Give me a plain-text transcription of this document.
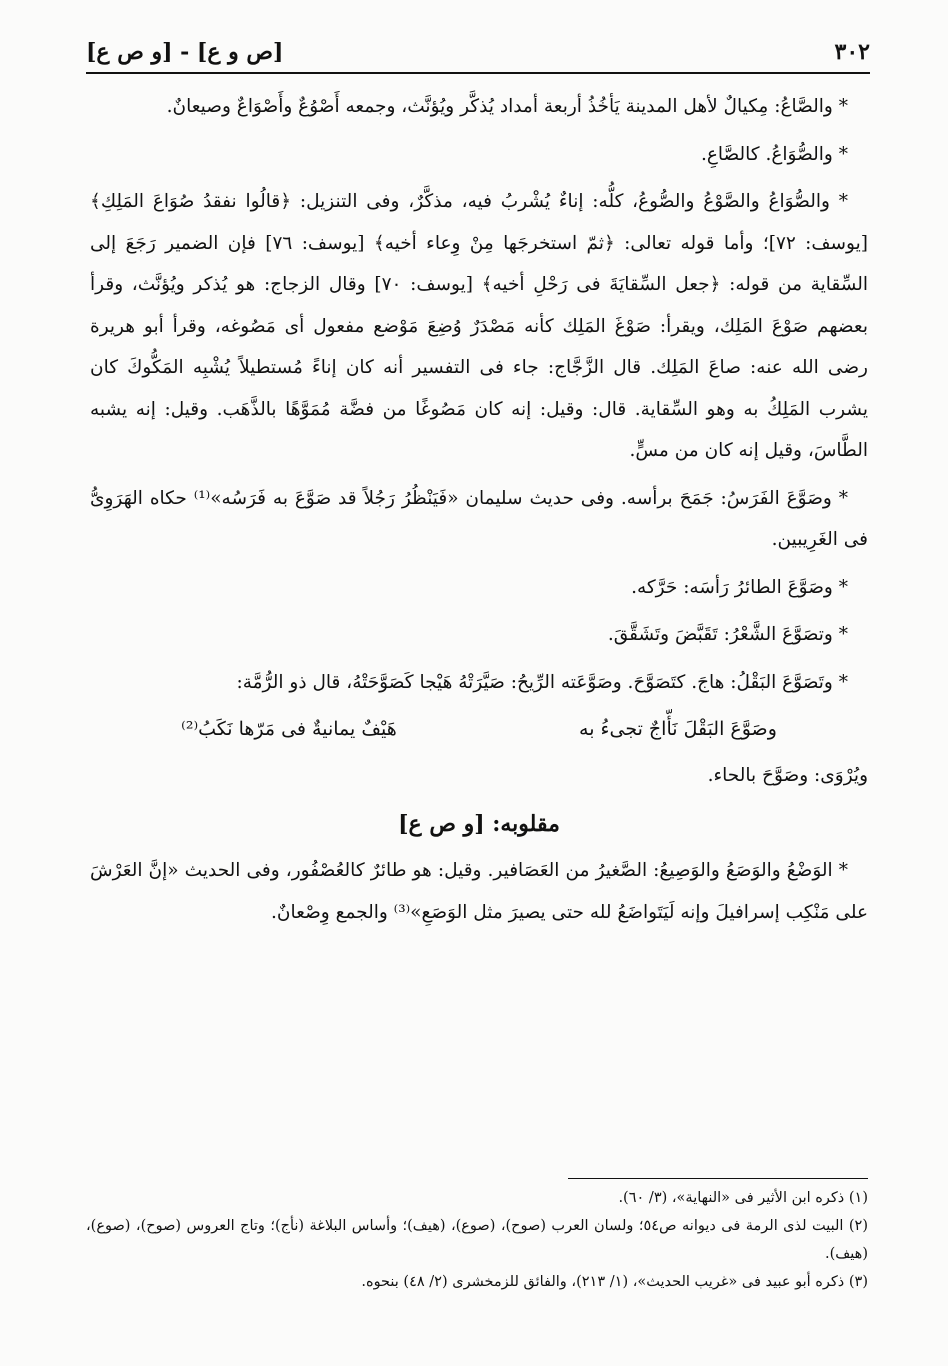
٣٠٢
[ص و ع] - [و ص ع]

* والصَّاعُ: مِكيالٌ لأهل المدينة يَأخُذُ أربعة أمداد يُذكَّر ويُؤنَّث، وجمعه أَصْوُعٌ وأَصْوَاعٌ وصيعانٌ.

* والصُّوَاعُ. كالصَّاعِ.

* والصُّوَاعُ والصَّوْعُ والصُّوعُ، كلُّه: إناءٌ يُشْربُ فيه، مذكَّرٌ، وفى التنزيل: ﴿قالُوا نفقدُ صُوَاعَ المَلِكِ﴾ [يوسف: ٧٢]؛ وأما قوله تعالى: ﴿ثمّ استخرجَها مِنْ وِعاء أخيه﴾ [يوسف: ٧٦] فإن الضمير رَجَعَ إلى السِّقاية من قوله: ﴿جعل السِّقايَةَ فى رَحْلِ أخيه﴾ [يوسف: ٧٠] وقال الزجاج: هو يُذكر ويُؤنَّث، وقرأ بعضهم صَوْعَ المَلِك، ويقرأ: صَوْغَ المَلِك كأنه مَصْدَرٌ وُضِعَ مَوْضع مفعول أى مَصُوغه، وقرأ أبو هريرة رضى الله عنه: صاعَ المَلِك. قال الزَّجَّاج: جاء فى التفسير أنه كان إناءً مُستطيلاً يُشْبِه المَكُّوكَ كان يشرب المَلِكُ به وهو السِّقاية. قال: وقيل: إنه كان مَصُوغًا من فضَّة مُمَوَّهًا بالذَّهَب. وقيل: إنه يشبه الطَّاسَ، وقيل إنه كان من مسٍّ.

* وصَوَّعَ الفَرَسُ: جَمَحَ برأسه. وفى حديث سليمان «فَيَنْظُرُ رَجُلاً قد صَوَّعَ به فَرَسُه»⁽¹⁾ حكاه الهَرَوِىُّ فى الغَرِيبين.

* وصَوَّعَ الطائرُ رَأسَه: حَرَّكه.

* وتصَوَّعَ الشَّعْرُ: تَقَبَّضَ وتَشَقَّقَ.

* وتَصَوَّعَ البَقْلُ: هاجَ. كتَصَوَّحَ. وصَوَّعَته الرِّيحُ: صَيَّرَتْهُ هَيْجا كَصَوَّحَتْهُ، قال ذو الرُّمَّة:

وصَوَّعَ البَقْلَ نَأّاجٌ تجىءُ به
هَيْفٌ يمانيةٌ فى مَرّها نَكَبُ⁽²⁾

ويُرْوَى: وصَوَّحَ بالحاء.

مقلوبه: [و ص ع]

* الوَضْعُ والوَصَعُ والوَصِيعُ: الصَّغيرُ من العَصَافير. وقيل: هو طائرٌ كالعُصْفُور، وفى الحديث «إنَّ العَرْشَ على مَنْكِب إسرافيلَ وإنه لَيَتَواضَعُ لله حتى يصيرَ مثل الوَصَعِ»⁽³⁾ والجمع وِصْعانٌ.

(١) ذكره ابن الأثير فى «النهاية»، (٣/ ٦٠).

(٢) البيت لذى الرمة فى ديوانه ص٥٤؛ ولسان العرب (صوح)، (صوع)، (هيف)؛ وأساس البلاغة (نأج)؛ وتاج العروس (صوح)، (صوع)، (هيف).

(٣) ذكره أبو عبيد فى «غريب الحديث»، (١/ ٢١٣)، والفائق للزمخشرى (٢/ ٤٨) بنحوه.
